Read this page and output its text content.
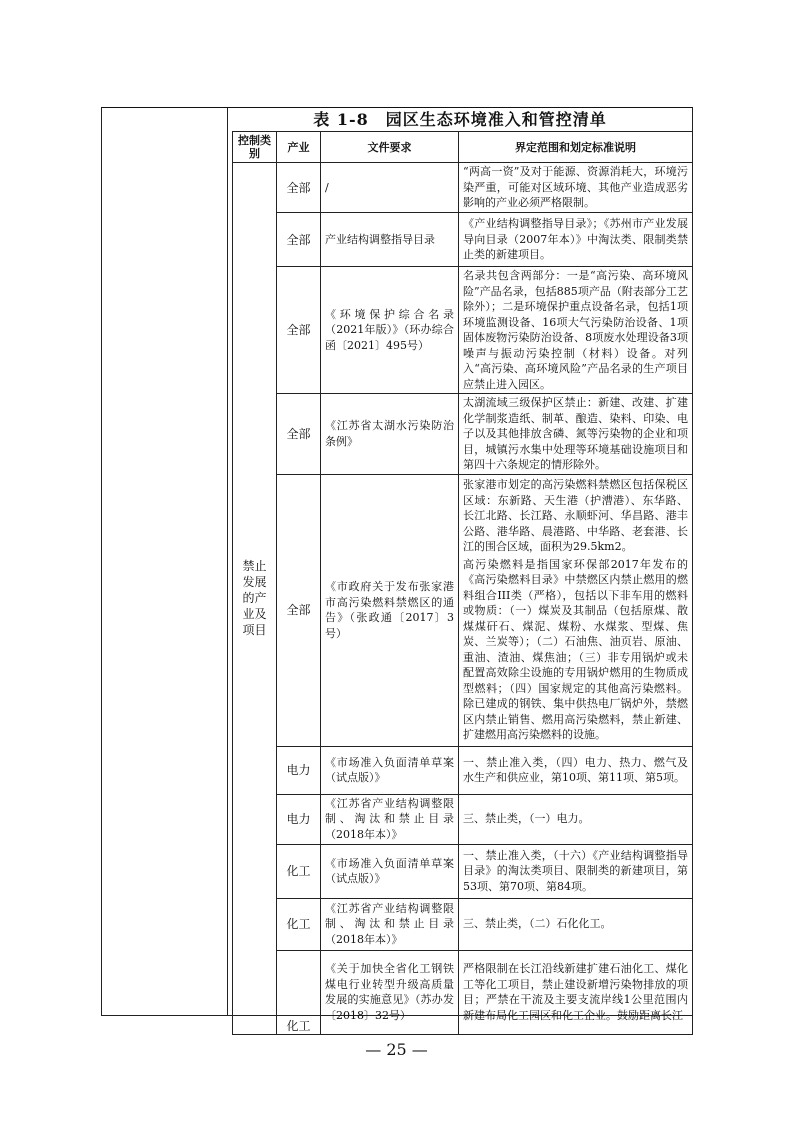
表 1-8　园区生态环境准入和管控清单
控制类别	产业	文件要求	界定范围和划定标准说明
禁止发展的产业及项目	全部	/	“两高一资”及对于能源、资源消耗大，环境污染严重，可能对区域环境、其他产业造成恶劣影响的产业必须严格限制。
	全部	产业结构调整指导目录	《产业结构调整指导目录》；《苏州市产业发展导向目录（2007年本）》中淘汰类、限制类禁止类的新建项目。
	全部	《环境保护综合名录（2021年版）》（环办综合函〔2021〕495号）	名录共包含两部分：一是“高污染、高环境风险”产品名录，包括885项产品（附表部分工艺除外）；二是环境保护重点设备名录，包括1项环境监测设备、16项大气污染防治设备、1项固体废物污染防治设备、8项废水处理设备3项噪声与振动污染控制（材料）设备。对列入“高污染、高环境风险”产品名录的生产项目应禁止进入园区。
	全部	《江苏省太湖水污染防治条例》	太湖流域三级保护区禁止：新建、改建、扩建化学制浆造纸、制革、酿造、染料、印染、电子以及其他排放含磷、氮等污染物的企业和项目，城镇污水集中处理等环境基础设施项目和第四十六条规定的情形除外。
	全部	《市政府关于发布张家港市高污染燃料禁燃区的通告》（张政通〔2017〕3号）	张家港市划定的高污染燃料禁燃区包括保税区区域：东新路、天生港（护漕港）、东华路、长江北路、长江路、永顺虾河、华昌路、港丰公路、港华路、晨港路、中华路、老套港、长江的围合区域，面积为29.5km2。
高污染燃料是指国家环保部2017年发布的《高污染燃料目录》中禁燃区内禁止燃用的燃料组合III类（严格），包括以下非车用的燃料或物质：（一）煤炭及其制品（包括原煤、散煤煤矸石、煤泥、煤粉、水煤浆、型煤、焦炭、兰炭等）；（二）石油焦、油页岩、原油、重油、渣油、煤焦油；（三）非专用锅炉或未配置高效除尘设施的专用锅炉燃用的生物质成型燃料；（四）国家规定的其他高污染燃料。除已建成的钢铁、集中供热电厂锅炉外，禁燃区内禁止销售、燃用高污染燃料，禁止新建、扩建燃用高污染燃料的设施。

	电力	《市场准入负面清单草案（试点版）》	一、禁止准入类，（四）电力、热力、燃气及水生产和供应业，第10项、第11项、第5项。
	电力	《江苏省产业结构调整限制、淘汰和禁止目录（2018年本）》	三、禁止类，（一）电力。
	化工	《市场准入负面清单草案（试点版）》	一、禁止准入类，（十六）《产业结构调整指导目录》的淘汰类项目、限制类的新建项目，第53项、第70项、第84项。
	化工	《江苏省产业结构调整限制、淘汰和禁止目录（2018年本）》	三、禁止类，（二）石化化工。
	化工	《关于加快全省化工钢铁煤电行业转型升级高质量发展的实施意见》（苏办发〔2018〕32号）	严格限制在长江沿线新建扩建石油化工、煤化工等化工项目，禁止建设新增污染物排放的项目；严禁在干流及主要支流岸线1公里范围内新建布局化工园区和化工企业。鼓励距离长江
— 25 —
